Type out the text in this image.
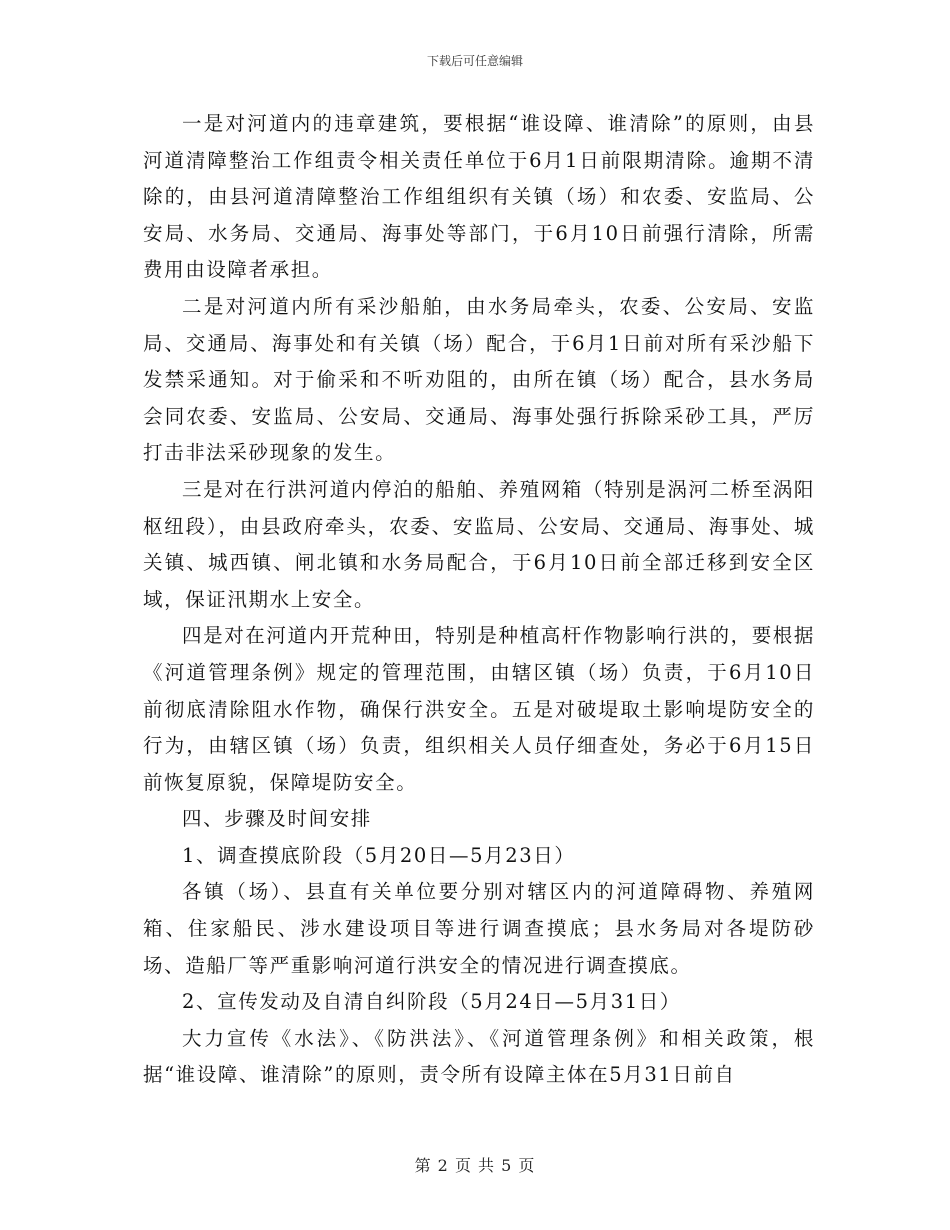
下载后可任意编辑

一是对河道内的违章建筑，要根据“谁设障、谁清除”的原则，由县河道清障整治工作组责令相关责任单位于6月1日前限期清除。逾期不清除的，由县河道清障整治工作组组织有关镇（场）和农委、安监局、公安局、水务局、交通局、海事处等部门，于6月10日前强行清除，所需费用由设障者承担。

二是对河道内所有采沙船舶，由水务局牵头，农委、公安局、安监局、交通局、海事处和有关镇（场）配合，于6月1日前对所有采沙船下发禁采通知。对于偷采和不听劝阻的，由所在镇（场）配合，县水务局会同农委、安监局、公安局、交通局、海事处强行拆除采砂工具，严厉打击非法采砂现象的发生。

三是对在行洪河道内停泊的船舶、养殖网箱（特别是涡河二桥至涡阳枢纽段），由县政府牵头，农委、安监局、公安局、交通局、海事处、城关镇、城西镇、闸北镇和水务局配合，于6月10日前全部迁移到安全区域，保证汛期水上安全。

四是对在河道内开荒种田，特别是种植高杆作物影响行洪的，要根据《河道管理条例》规定的管理范围，由辖区镇（场）负责，于6月10日前彻底清除阻水作物，确保行洪安全。五是对破堤取土影响堤防安全的行为，由辖区镇（场）负责，组织相关人员仔细查处，务必于6月15日前恢复原貌，保障堤防安全。

四、步骤及时间安排

1、调查摸底阶段（5月20日—5月23日）

各镇（场）、县直有关单位要分别对辖区内的河道障碍物、养殖网箱、住家船民、涉水建设项目等进行调查摸底；县水务局对各堤防砂场、造船厂等严重影响河道行洪安全的情况进行调查摸底。

2、宣传发动及自清自纠阶段（5月24日—5月31日）

大力宣传《水法》、《防洪法》、《河道管理条例》和相关政策，根据“谁设障、谁清除”的原则，责令所有设障主体在5月31日前自

第 2 页 共 5 页
